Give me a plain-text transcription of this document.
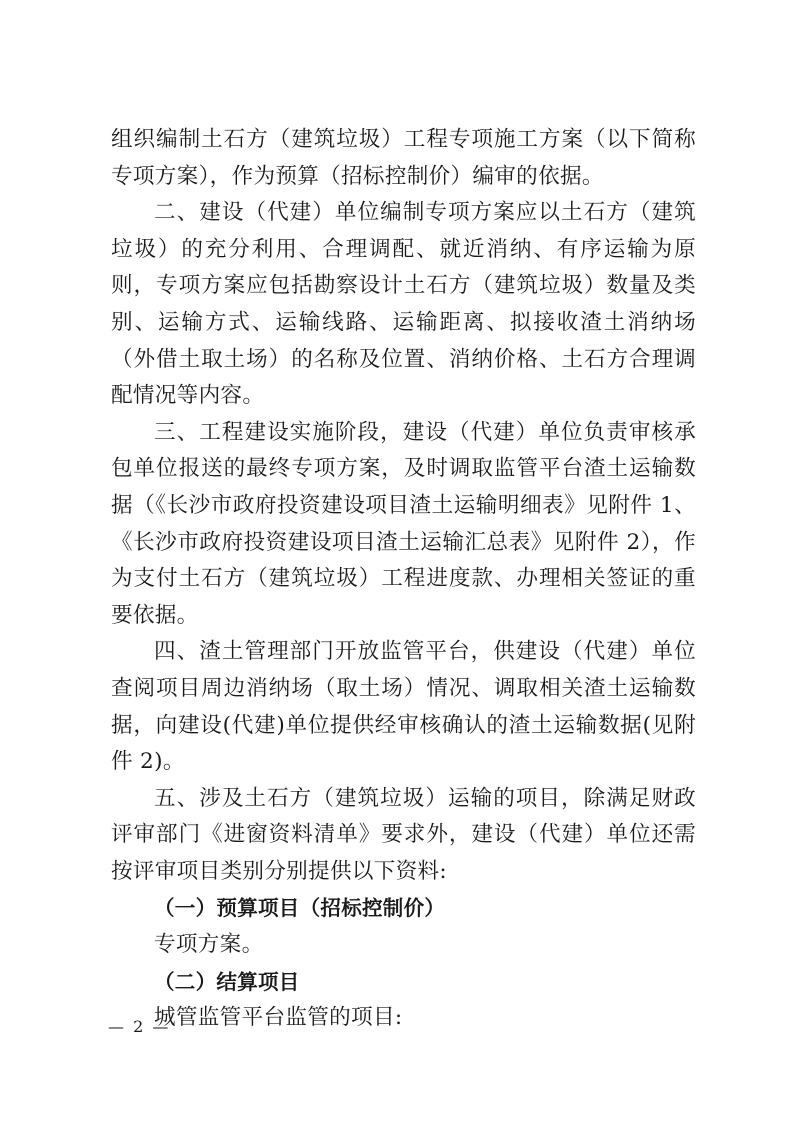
组织编制土石方（建筑垃圾）工程专项施工方案（以下简称专项方案），作为预算（招标控制价）编审的依据。

二、建设（代建）单位编制专项方案应以土石方（建筑垃圾）的充分利用、合理调配、就近消纳、有序运输为原则，专项方案应包括勘察设计土石方（建筑垃圾）数量及类别、运输方式、运输线路、运输距离、拟接收渣土消纳场（外借土取土场）的名称及位置、消纳价格、土石方合理调配情况等内容。

三、工程建设实施阶段，建设（代建）单位负责审核承包单位报送的最终专项方案，及时调取监管平台渣土运输数据（《长沙市政府投资建设项目渣土运输明细表》见附件 1、《长沙市政府投资建设项目渣土运输汇总表》见附件 2），作为支付土石方（建筑垃圾）工程进度款、办理相关签证的重要依据。

四、渣土管理部门开放监管平台，供建设（代建）单位查阅项目周边消纳场（取土场）情况、调取相关渣土运输数据，向建设(代建)单位提供经审核确认的渣土运输数据(见附件 2)。

五、涉及土石方（建筑垃圾）运输的项目，除满足财政评审部门《进窗资料清单》要求外，建设（代建）单位还需按评审项目类别分别提供以下资料:

（一）预算项目（招标控制价）

专项方案。

（二）结算项目

城管监管平台监管的项目:

— 2 —
